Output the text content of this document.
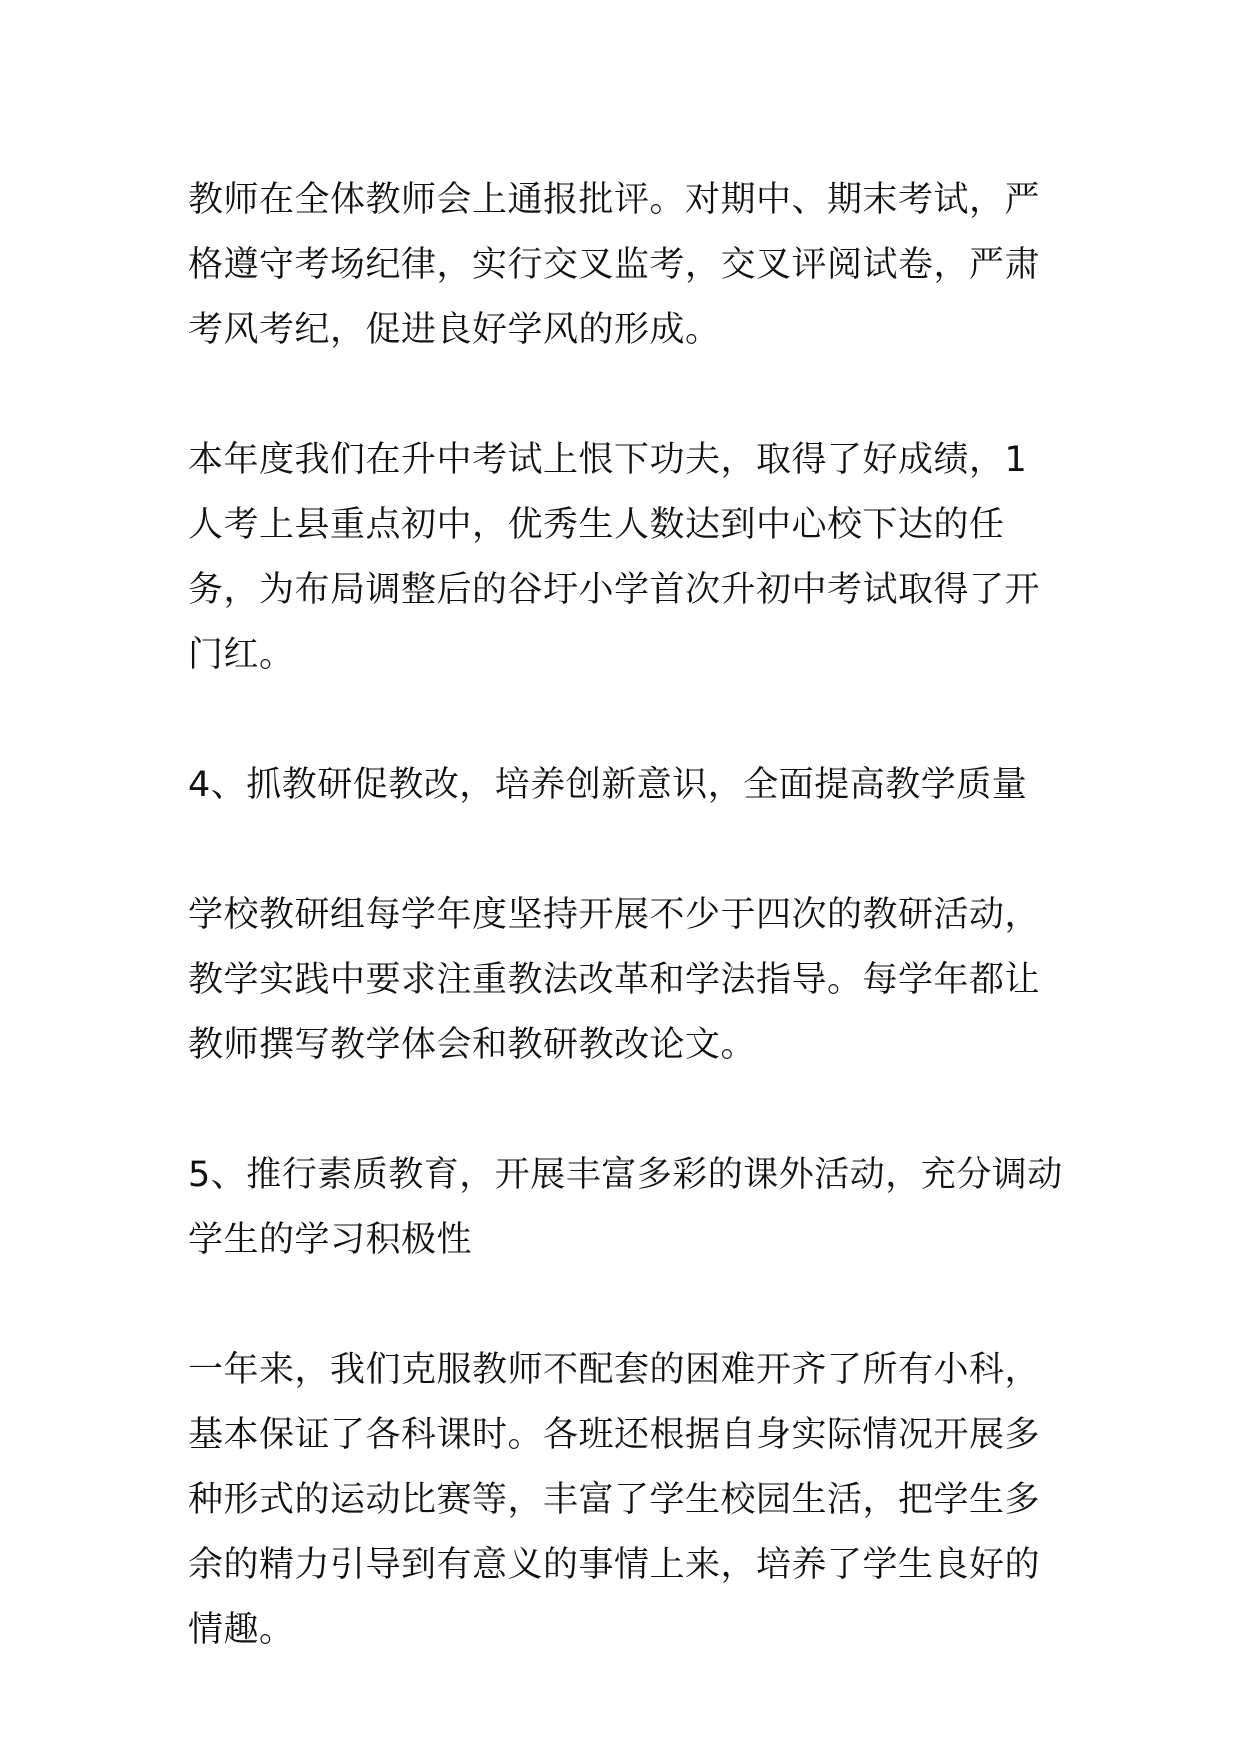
教师在全体教师会上通报批评。对期中、期末考试，严格遵守考场纪律，实行交叉监考，交叉评阅试卷，严肃考风考纪，促进良好学风的形成。

本年度我们在升中考试上恨下功夫，取得了好成绩，1 人考上县重点初中，优秀生人数达到中心校下达的任务，为布局调整后的谷圩小学首次升初中考试取得了开门红。

4、抓教研促教改，培养创新意识，全面提高教学质量

学校教研组每学年度坚持开展不少于四次的教研活动，教学实践中要求注重教法改革和学法指导。每学年都让教师撰写教学体会和教研教改论文。

5、推行素质教育，开展丰富多彩的课外活动，充分调动学生的学习积极性

一年来，我们克服教师不配套的困难开齐了所有小科，基本保证了各科课时。各班还根据自身实际情况开展多种形式的运动比赛等，丰富了学生校园生活，把学生多余的精力引导到有意义的事情上来，培养了学生良好的情趣。
